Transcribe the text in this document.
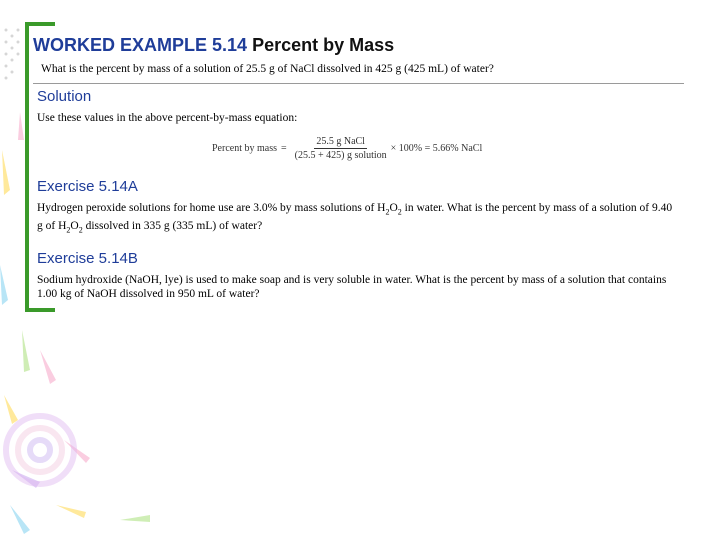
WORKED EXAMPLE 5.14 Percent by Mass
What is the percent by mass of a solution of 25.5 g of NaCl dissolved in 425 g (425 mL) of water?
Solution
Use these values in the above percent-by-mass equation:
Percent by mass = $\frac{\text{25.5 g NaCl}}{\text{(25.5 + 425) g solution}} \times 100\% = 5.66\%$ NaCl
Exercise 5.14A
Hydrogen peroxide solutions for home use are 3.0% by mass solutions of $H_2O_2$ in water. What is the percent by mass of a solution of 9.40 g of $H_2O_2$ dissolved in 335 g (335 mL) of water?
Exercise 5.14B
Sodium hydroxide (NaOH, lye) is used to make soap and is very soluble in water. What is the percent by mass of a solution that contains 1.00 kg of NaOH dissolved in 950 mL of water?
